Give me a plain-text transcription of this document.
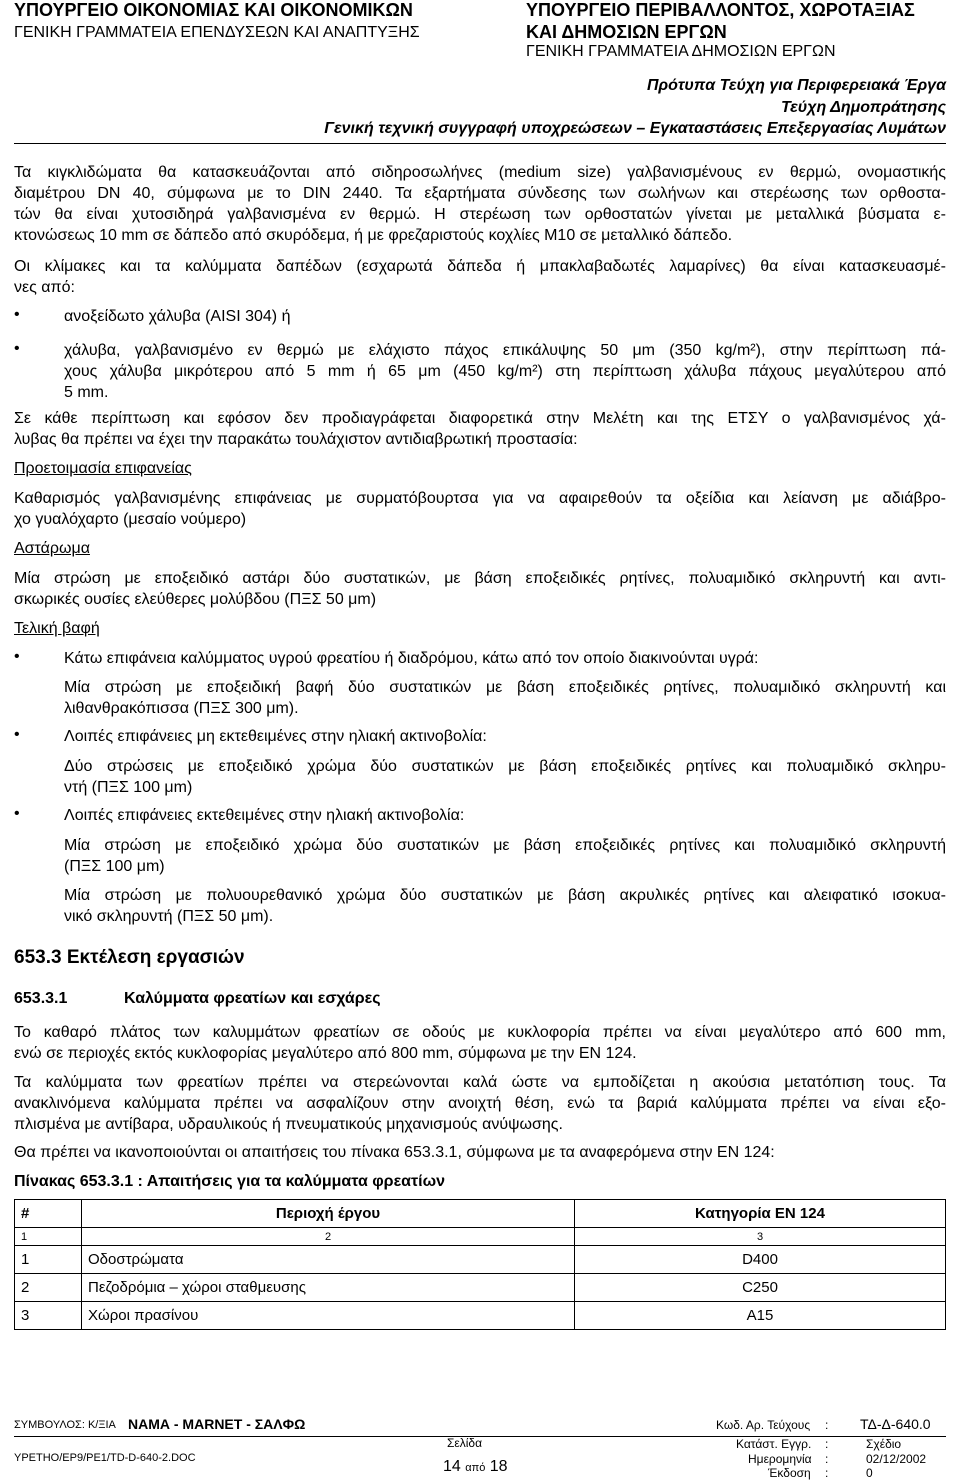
ΥΠΟΥΡΓΕΙΟ ΟΙΚΟΝΟΜΙΑΣ ΚΑΙ ΟΙΚΟΝΟΜΙΚΩΝ
ΓΕΝΙΚΗ ΓΡΑΜΜΑΤΕΙΑ ΕΠΕΝΔΥΣΕΩΝ ΚΑΙ ΑΝΑΠΤΥΞΗΣ
ΥΠΟΥΡΓΕΙΟ ΠΕΡΙΒΑΛΛΟΝΤΟΣ, ΧΩΡΟΤΑΞΙΑΣ
ΚΑΙ ΔΗΜΟΣΙΩΝ ΕΡΓΩΝ
ΓΕΝΙΚΗ ΓΡΑΜΜΑΤΕΙΑ ΔΗΜΟΣΙΩΝ ΕΡΓΩΝ
Πρότυπα Τεύχη για Περιφερειακά Έργα
Τεύχη Δημοπράτησης
Γενική τεχνική συγγραφή υποχρεώσεων – Εγκαταστάσεις Επεξεργασίας Λυμάτων
Τα κιγκλιδώματα θα κατασκευάζονται από σιδηροσωλήνες (medium size) γαλβανισμένους εν θερμώ, ονομαστικής
διαμέτρου DN 40, σύμφωνα με το DIN 2440. Τα εξαρτήματα σύνδεσης των σωλήνων και στερέωσης των ορθοστα-
τών θα είναι χυτοσιδηρά γαλβανισμένα εν θερμώ. Η στερέωση των ορθοστατών γίνεται με μεταλλικά βύσματα ε-
κτονώσεως 10 mm σε δάπεδο από σκυρόδεμα, ή με φρεζαριστούς κοχλίες Μ10 σε μεταλλικό δάπεδο.
Οι κλίμακες και τα καλύμματα δαπέδων (εσχαρωτά δάπεδα ή μπακλαβαδωτές λαμαρίνες) θα είναι κατασκευασμέ-
νες από:
•	ανοξείδωτο χάλυβα (AISI 304) ή
•	χάλυβα, γαλβανισμένο εν θερμώ με ελάχιστο πάχος επικάλυψης 50 μm (350 kg/m²), στην περίπτωση πά-
χους χάλυβα μικρότερου από 5 mm ή 65 μm (450 kg/m²) στη περίπτωση χάλυβα πάχους μεγαλύτερου από
5 mm.
Σε κάθε περίπτωση και εφόσον δεν προδιαγράφεται διαφορετικά στην Μελέτη και της ΕΤΣΥ ο γαλβανισμένος χά-
λυβας θα πρέπει να έχει την παρακάτω τουλάχιστον αντιδιαβρωτική προστασία:
Προετοιμασία επιφανείας
Καθαρισμός γαλβανισμένης επιφάνειας με συρματόβουρτσα για να αφαιρεθούν τα οξείδια και λείανση με αδιάβρο-
χο γυαλόχαρτο (μεσαίο νούμερο)
Αστάρωμα
Μία στρώση με εποξειδικό αστάρι δύο συστατικών, με βάση εποξειδικές ρητίνες, πολυαμιδικό σκληρυντή και αντι-
σκωρικές ουσίες ελεύθερες μολύβδου (ΠΞΣ 50 μm)
Τελική βαφή
•	Κάτω επιφάνεια καλύμματος υγρού φρεατίου ή διαδρόμου, κάτω από τον οποίο διακινούνται υγρά:
Μία στρώση με εποξειδική βαφή δύο συστατικών με βάση εποξειδικές ρητίνες, πολυαμιδικό σκληρυντή και
λιθανθρακόπισσα (ΠΞΣ 300 μm).
•	Λοιπές επιφάνειες μη εκτεθειμένες στην ηλιακή ακτινοβολία:
Δύο στρώσεις με εποξειδικό χρώμα δύο συστατικών με βάση εποξειδικές ρητίνες και πολυαμιδικό σκληρυ-
ντή (ΠΞΣ 100 μm)
•	Λοιπές επιφάνειες εκτεθειμένες στην ηλιακή ακτινοβολία:
Μία στρώση με εποξειδικό χρώμα δύο συστατικών με βάση εποξειδικές ρητίνες και πολυαμιδικό σκληρυντή
(ΠΞΣ 100 μm)
Μία στρώση με πολυουρεθανικό χρώμα δύο συστατικών με βάση ακρυλικές ρητίνες και αλειφατικό ισοκυα-
νικό σκληρυντή (ΠΞΣ 50 μm).
653.3 Εκτέλεση εργασιών
653.3.1	Καλύμματα φρεατίων και εσχάρες
Το καθαρό πλάτος των καλυμμάτων φρεατίων σε οδούς με κυκλοφορία πρέπει να είναι μεγαλύτερο από 600 mm,
ενώ σε περιοχές εκτός κυκλοφορίας μεγαλύτερο από 800 mm, σύμφωνα με την EN 124.
Τα καλύμματα των φρεατίων πρέπει να στερεώνονται καλά ώστε να εμποδίζεται η ακούσια μετατόπιση τους. Τα
ανακλινόμενα καλύμματα πρέπει να ασφαλίζουν στην ανοιχτή θέση, ενώ τα βαριά καλύμματα πρέπει να είναι εξο-
πλισμένα με αντίβαρα, υδραυλικούς ή πνευματικούς μηχανισμούς ανύψωσης.
Θα πρέπει να ικανοποιούνται οι απαιτήσεις του πίνακα 653.3.1, σύμφωνα με τα αναφερόμενα στην EN 124:
Πίνακας 653.3.1 : Απαιτήσεις για τα καλύμματα φρεατίων
#	Περιοχή έργου	Κατηγορία EN 124
1	2	3
1	Οδοστρώματα	D400
2	Πεζοδρόμια – χώροι σταθμευσης	C250
3	Χώροι πρασίνου	A15
ΣΥΜΒΟΥΛΟΣ: Κ/ΞΙΑ ΝΑΜΑ - MARNET - ΣΑΛΦΩ
ΥΡΕΤΗΟ/ΕΡ9/ΡΕ1/TD-D-640-2.DOC
Σελίδα
14 από 18
Κωδ. Αρ. Τεύχους : ΤΔ-Δ-640.0
Κατάστ. Εγγρ. :	Σχέδιο
Ημερομηνία :	02/12/2002
Έκδοση :	0
